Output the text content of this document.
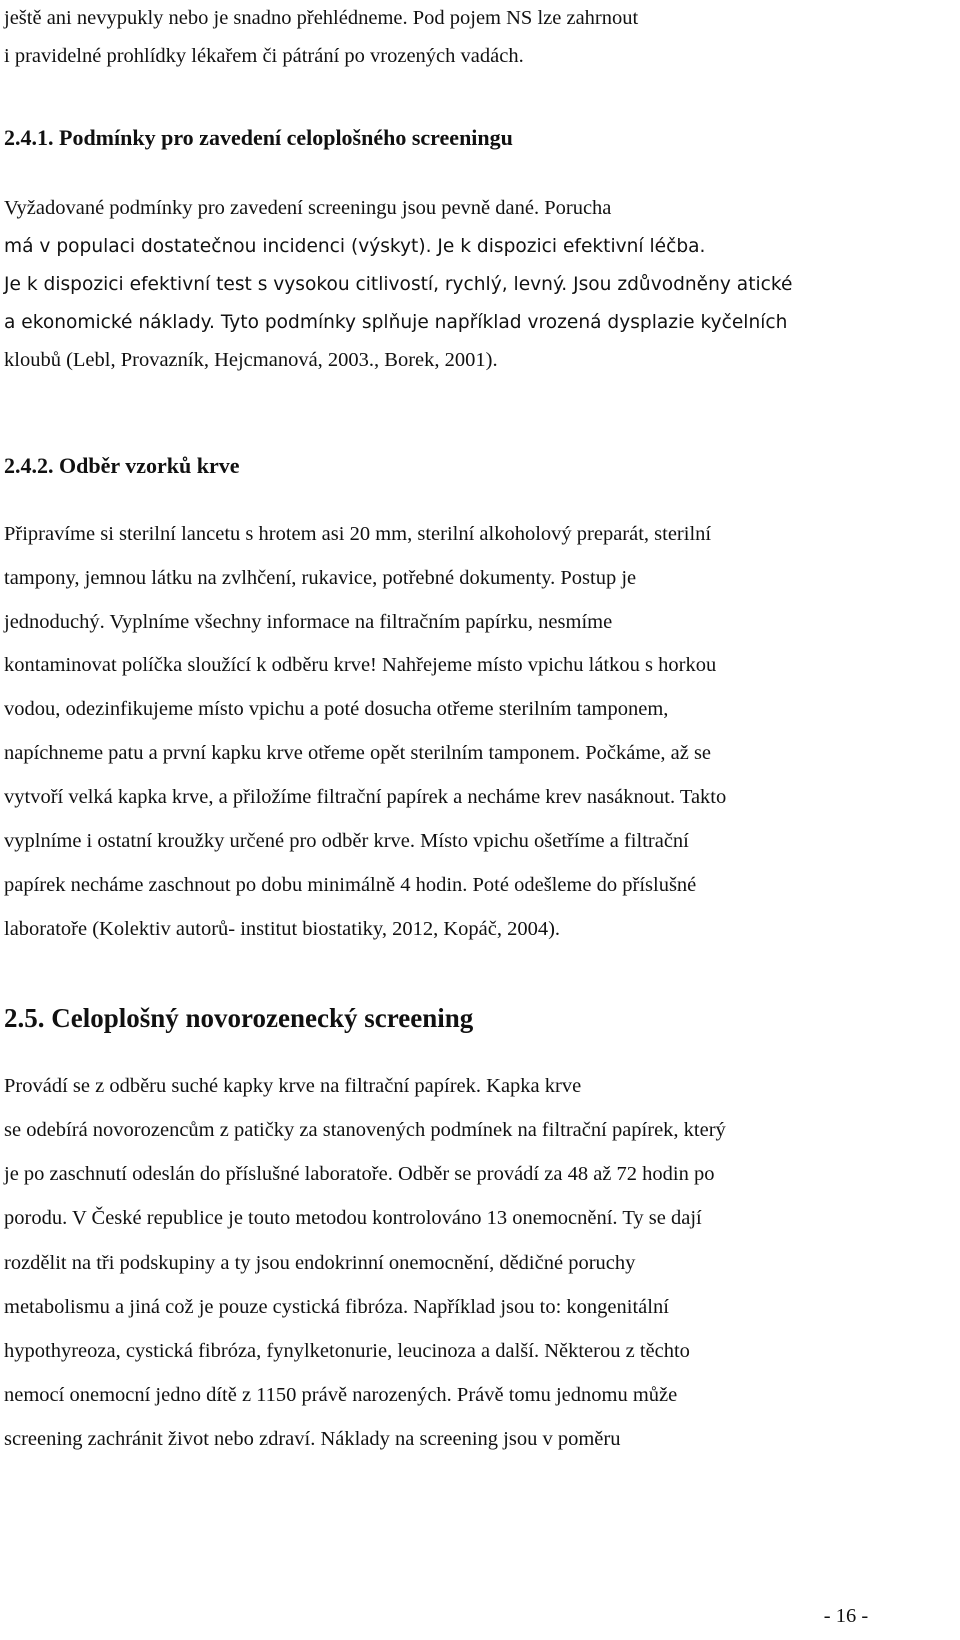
ještě ani nevypukly nebo je snadno přehlédneme. Pod pojem NS lze zahrnout
i pravidelné prohlídky lékařem či pátrání po vrozených vadách.
2.4.1. Podmínky pro zavedení celoplošného screeningu
Vyžadované podmínky pro zavedení screeningu jsou pevně dané. Porucha
má v populaci dostatečnou incidenci (výskyt). Je k dispozici efektivní léčba.
Je k dispozici efektivní test s vysokou citlivostí, rychlý, levný. Jsou zdůvodněny atické
a ekonomické náklady. Tyto podmínky splňuje například vrozená dysplazie kyčelních
kloubů (Lebl, Provazník, Hejcmanová, 2003., Borek, 2001).
2.4.2. Odběr vzorků krve
Připravíme si sterilní lancetu s hrotem asi 20 mm, sterilní alkoholový preparát, sterilní
tampony, jemnou látku na zvlhčení, rukavice, potřebné dokumenty. Postup je
jednoduchý. Vyplníme všechny informace na filtračním papírku, nesmíme
kontaminovat políčka sloužící k odběru krve! Nahřejeme místo vpichu látkou s horkou
vodou, odezinfikujeme místo vpichu a poté dosucha otřeme sterilním tamponem,
napíchneme patu a první kapku krve otřeme opět sterilním tamponem. Počkáme, až se
vytvoří velká kapka krve, a přiložíme filtrační papírek a necháme krev nasáknout. Takto
vyplníme i ostatní kroužky určené pro odběr krve. Místo vpichu ošetříme a filtrační
papírek necháme zaschnout po dobu minimálně 4 hodin. Poté odešleme do příslušné
laboratoře (Kolektiv autorů- institut biostatiky, 2012, Kopáč, 2004).
2.5. Celoplošný novorozenecký screening
Provádí se z odběru suché kapky krve na filtrační papírek. Kapka krve
se odebírá novorozencům z patičky za stanovených podmínek na filtrační papírek, který
je po zaschnutí odeslán do příslušné laboratoře. Odběr se provádí za 48 až 72 hodin po
porodu. V České republice je touto metodou kontrolováno 13 onemocnění. Ty se dají
rozdělit na tři podskupiny a ty jsou endokrinní onemocnění, dědičné poruchy
metabolismu a jiná což je pouze cystická fibróza. Například jsou to: kongenitální
hypothyreoza, cystická fibróza, fynylketonurie, leucinoza a další. Některou z těchto
nemocí onemocní jedno dítě z 1150 právě narozených. Právě tomu jednomu může
screening zachránit život nebo zdraví. Náklady na screening jsou v poměru
- 16 -
